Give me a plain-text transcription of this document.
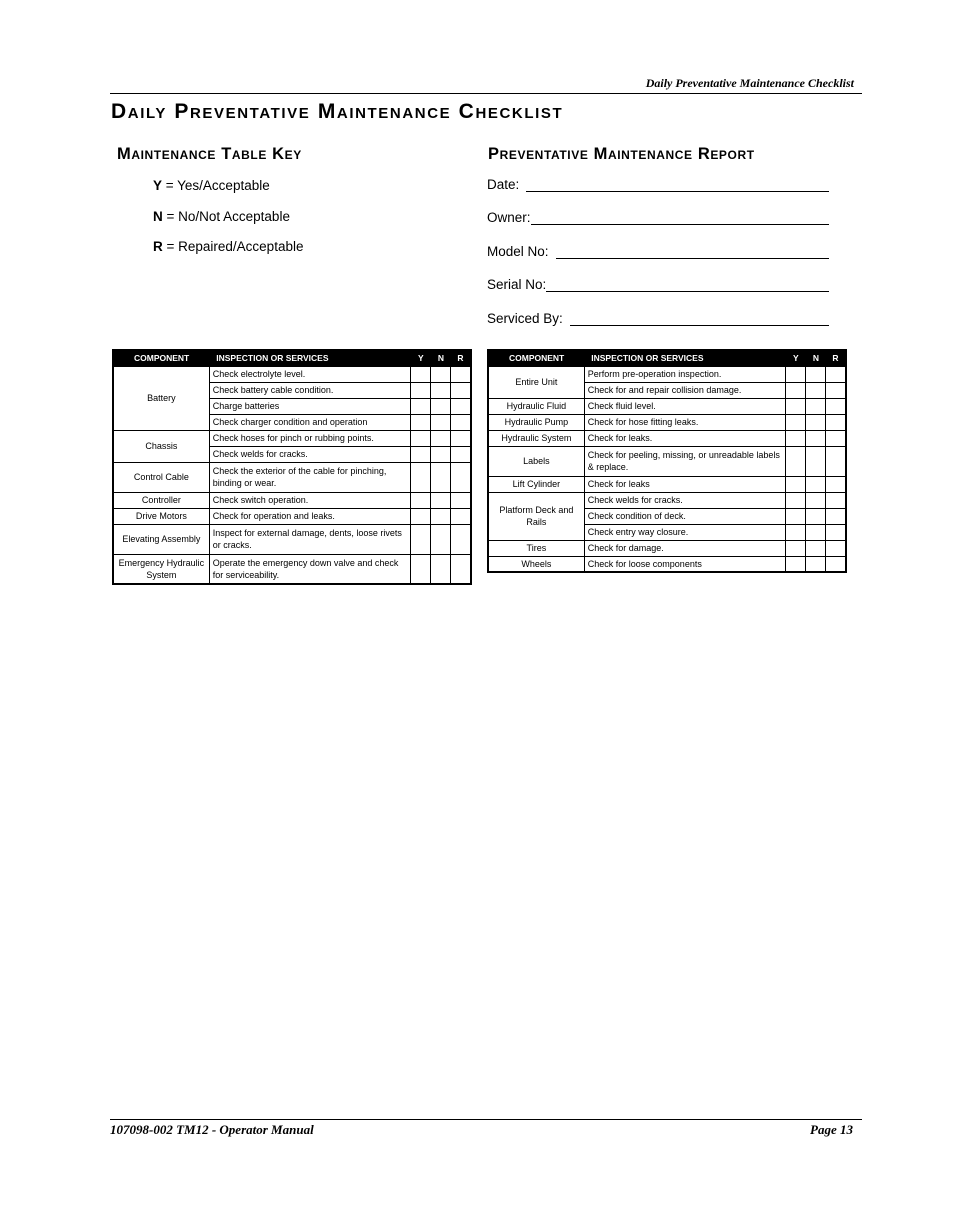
Daily Preventative Maintenance Checklist
Daily Preventative Maintenance Checklist
Maintenance Table Key
Y = Yes/Acceptable
N = No/Not Acceptable
R = Repaired/Acceptable
Preventative Maintenance Report
Date:
Owner:
Model No:
Serial No:
Serviced By:
COMPONENT	INSPECTION OR SERVICES	Y	N	R
Battery	Check electrolyte level.			
	Check battery cable condition.			
	Charge batteries			
	Check charger condition and operation			
Chassis	Check hoses for pinch or rubbing points.			
	Check welds for cracks.			
Control Cable	Check the exterior of the cable for pinching, binding or wear.			
Controller	Check switch operation.			
Drive Motors	Check for operation and leaks.			
Elevating Assembly	Inspect for external damage, dents, loose rivets or cracks.			
Emergency Hydraulic System	Operate the emergency down valve and check for serviceability.			
COMPONENT	INSPECTION OR SERVICES	Y	N	R
Entire Unit	Perform pre-operation inspection.			
	Check for and repair collision damage.			
Hydraulic Fluid	Check fluid level.			
Hydraulic Pump	Check for hose fitting leaks.			
Hydraulic System	Check for leaks.			
Labels	Check for peeling, missing, or unreadable labels & replace.			
Lift Cylinder	Check for leaks			
Platform Deck and Rails	Check welds for cracks.			
	Check condition of deck.			
	Check entry way closure.			
Tires	Check for damage.			
Wheels	Check for loose components			
107098-002 TM12 - Operator Manual	Page 13
